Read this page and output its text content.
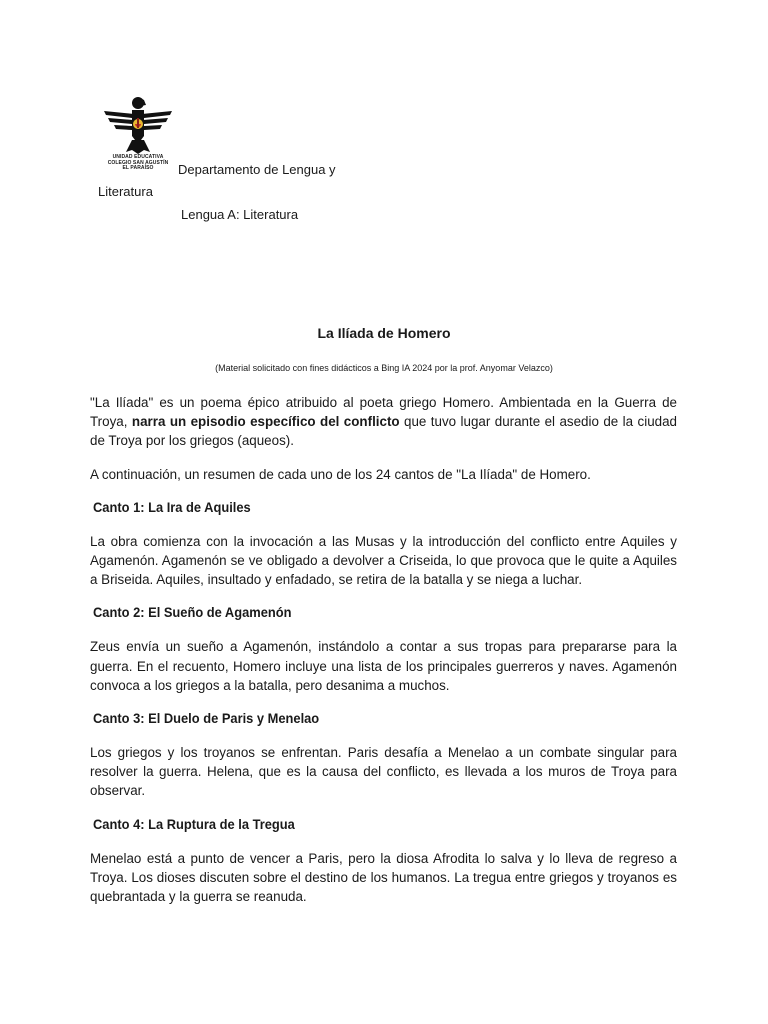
UNIDAD EDUCATIVA
COLEGIO SAN AGUSTÍN
EL PARAÍSO	Departamento de Lengua y
Literatura
Lengua A: Literatura
La Ilíada de Homero
(Material solicitado con fines didácticos a Bing IA 2024 por la prof. Anyomar Velazco)

"La Ilíada" es un poema épico atribuido al poeta griego Homero. Ambientada en la Guerra de Troya, narra un episodio específico del conflicto que tuvo lugar durante el asedio de la ciudad de Troya por los griegos (aqueos).

A continuación, un resumen de cada uno de los 24 cantos de "La Ilíada" de Homero.

Canto 1: La Ira de Aquiles

La obra comienza con la invocación a las Musas y la introducción del conflicto entre Aquiles y Agamenón. Agamenón se ve obligado a devolver a Criseida, lo que provoca que le quite a Aquiles a Briseida. Aquiles, insultado y enfadado, se retira de la batalla y se niega a luchar.

Canto 2: El Sueño de Agamenón

Zeus envía un sueño a Agamenón, instándolo a contar a sus tropas para prepararse para la guerra. En el recuento, Homero incluye una lista de los principales guerreros y naves. Agamenón convoca a los griegos a la batalla, pero desanima a muchos.

Canto 3: El Duelo de Paris y Menelao

Los griegos y los troyanos se enfrentan. Paris desafía a Menelao a un combate singular para resolver la guerra. Helena, que es la causa del conflicto, es llevada a los muros de Troya para observar.

Canto 4: La Ruptura de la Tregua

Menelao está a punto de vencer a Paris, pero la diosa Afrodita lo salva y lo lleva de regreso a Troya. Los dioses discuten sobre el destino de los humanos. La tregua entre griegos y troyanos es quebrantada y la guerra se reanuda.
